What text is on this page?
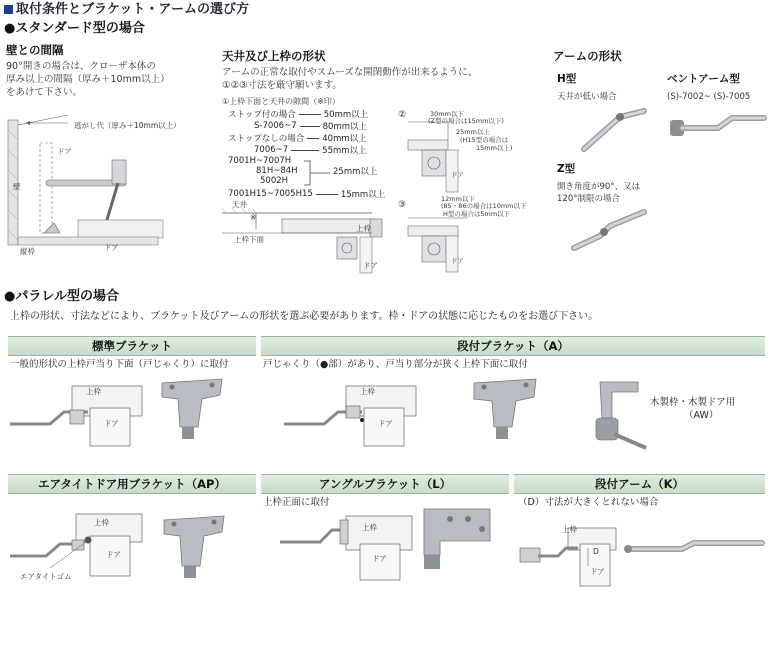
取付条件とブラケット・アームの選び方
●スタンダード型の場合
壁との間隔
90°開きの場合は、クローザ本体の
厚み以上の間隔（厚み＋10mm以上）
をあけて下さい。
逃がし代（厚み＋10mm以上）
壁
ドア
縦枠	ドア
天井及び上枠の形状
アームの正常な取付やスムーズな開閉動作が出来るように、
①②③寸法を厳守願います。
①上枠下面と天井の隙間（※印）
ストップ付の場合	50mm以上
S-7006~7	80mm以上
ストップなしの場合 40mm以上
7006~7	55mm以上
7001H~7007H
81H~84H
5002H
25mm以上
7001H15~7005H15	15mm以上
天井
※
上枠下面
上枠
ドア
②	30mm以下
(Z型の場合は15mm以下)
25mm以上
(H15型の場合は
15mm以上)
ドア
③
12mm以下
(85・86の場合は10mm以下
H型の場合は5mm以下
ドア
アームの形状
H型
天井が低い場合
ベントアーム型
(S)-7002~ (S)-7005
Z型
開き角度が90°、又は
120°制限の場合
●パラレル型の場合
上枠の形状、寸法などにより、ブラケット及びアームの形状を選ぶ必要があります。枠・ドアの状態に応じたものをお選び下さい。
標準ブラケット	段付ブラケット（A）
一般的形状の上枠戸当り下面（戸じゃくり）に取付	戸じゃくり（●部）があり、戸当り部分が狭く上枠下面に取付
上枠
ドア
上枠
ドア
木製枠・木製ドア用
（AW）
エアタイトドア用ブラケット（AP）	アングルブラケット（L）	段付アーム（K）
上枠
ドア
エアタイトゴム
上枠正面に取付
上枠
ドア
（D）寸法が大きくとれない場合
上枠
D
ドア
